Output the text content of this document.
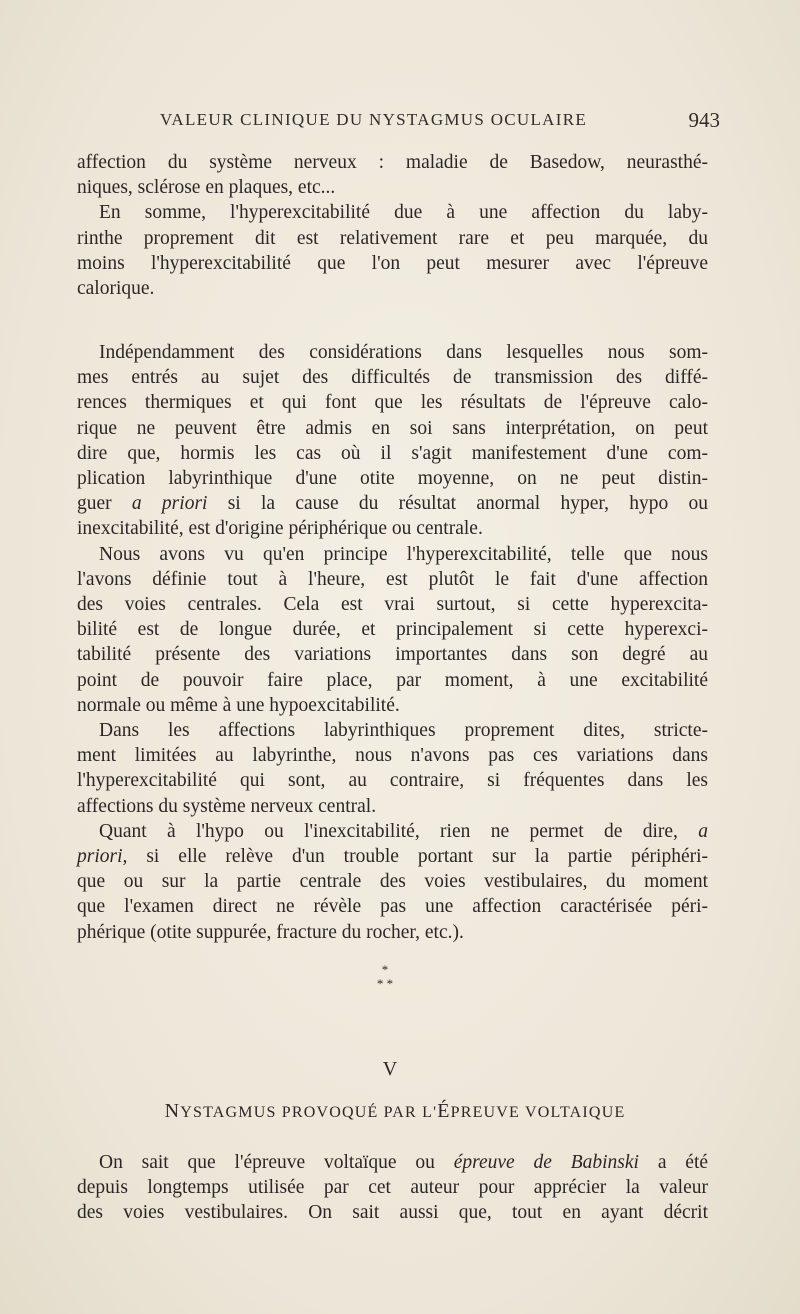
VALEUR CLINIQUE DU NYSTAGMUS OCULAIRE	943
affection du système nerveux : maladie de Basedow, neurasthé-
niques, sclérose en plaques, etc...
En somme, l'hyperexcitabilité due à une affection du laby-
rinthe proprement dit est relativement rare et peu marquée, du
moins l'hyperexcitabilité que l'on peut mesurer avec l'épreuve
calorique.
Indépendamment des considérations dans lesquelles nous som-
mes entrés au sujet des difficultés de transmission des diffé-
rences thermiques et qui font que les résultats de l'épreuve calo-
rique ne peuvent être admis en soi sans interprétation, on peut
dire que, hormis les cas où il s'agit manifestement d'une com-
plication labyrinthique d'une otite moyenne, on ne peut distin-
guer a priori si la cause du résultat anormal hyper, hypo ou
inexcitabilité, est d'origine périphérique ou centrale.
Nous avons vu qu'en principe l'hyperexcitabilité, telle que nous
l'avons définie tout à l'heure, est plutôt le fait d'une affection
des voies centrales. Cela est vrai surtout, si cette hyperexcita-
bilité est de longue durée, et principalement si cette hyperexci-
tabilité présente des variations importantes dans son degré au
point de pouvoir faire place, par moment, à une excitabilité
normale ou même à une hypoexcitabilité.
Dans les affections labyrinthiques proprement dites, stricte-
ment limitées au labyrinthe, nous n'avons pas ces variations dans
l'hyperexcitabilité qui sont, au contraire, si fréquentes dans les
affections du système nerveux central.
Quant à l'hypo ou l'inexcitabilité, rien ne permet de dire, a
priori, si elle relève d'un trouble portant sur la partie périphéri-
que ou sur la partie centrale des voies vestibulaires, du moment
que l'examen direct ne révèle pas une affection caractérisée péri-
phérique (otite suppurée, fracture du rocher, etc.).
*
* *
V
NYSTAGMUS PROVOQUÉ PAR L'ÉPREUVE VOLTAIQUE
On sait que l'épreuve voltaïque ou épreuve de Babinski a été
depuis longtemps utilisée par cet auteur pour apprécier la valeur
des voies vestibulaires. On sait aussi que, tout en ayant décrit
